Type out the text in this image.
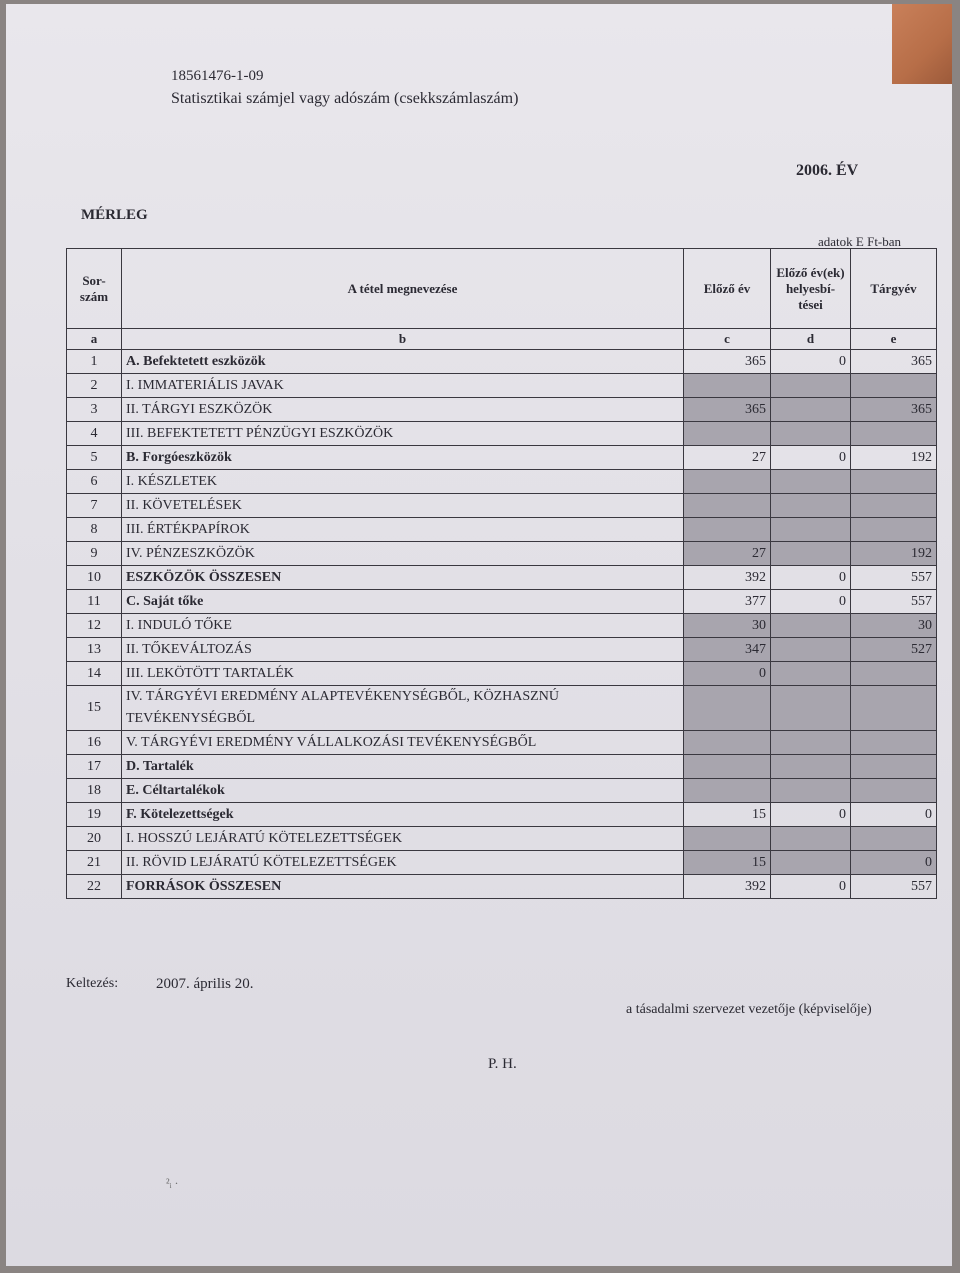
18561476-1-09
Statisztikai számjel vagy adószám (csekkszámlaszám)
2006. ÉV
MÉRLEG
adatok E Ft-ban
Sor-szám	A tétel megnevezése	Előző év	Előző év(ek) helyesbí-tései	Tárgyév
a	b	c	d	e
1	A. Befektetett eszközök	365	0	365
2	I. IMMATERIÁLIS JAVAK			
3	II. TÁRGYI ESZKÖZÖK	365		365
4	III. BEFEKTETETT PÉNZÜGYI ESZKÖZÖK			
5	B. Forgóeszközök	27	0	192
6	I. KÉSZLETEK			
7	II. KÖVETELÉSEK			
8	III. ÉRTÉKPAPÍROK			
9	IV. PÉNZESZKÖZÖK	27		192
10	ESZKÖZÖK ÖSSZESEN	392	0	557
11	C. Saját tőke	377	0	557
12	I. INDULÓ TŐKE	30		30
13	II. TŐKEVÁLTOZÁS	347		527
14	III. LEKÖTÖTT TARTALÉK	0		
15	IV. TÁRGYÉVI EREDMÉNY ALAPTEVÉKENYSÉGBŐL, KÖZHASZNÚ TEVÉKENYSÉGBŐL			
16	V. TÁRGYÉVI EREDMÉNY VÁLLALKOZÁSI TEVÉKENYSÉGBŐL			
17	D. Tartalék			
18	E. Céltartalékok			
19	F. Kötelezettségek	15	0	0
20	I. HOSSZÚ LEJÁRATÚ KÖTELEZETTSÉGEK			
21	II. RÖVID LEJÁRATÚ KÖTELEZETTSÉGEK	15		0
22	FORRÁSOK ÖSSZESEN	392	0	557
Keltezés:	2007. április 20.
a tásadalmi szervezet vezetője (képviselője)
P. H.
²ᵢ ·
